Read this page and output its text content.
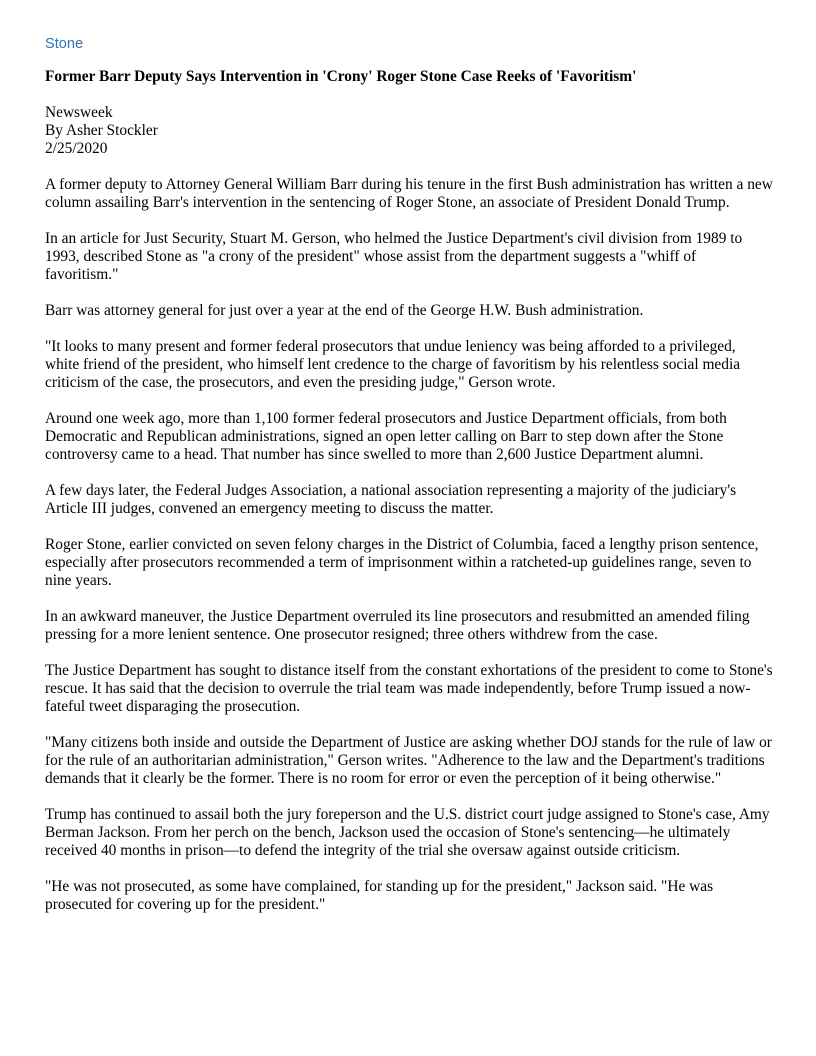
Stone
Former Barr Deputy Says Intervention in 'Crony' Roger Stone Case Reeks of 'Favoritism'
Newsweek
By Asher Stockler
2/25/2020

A former deputy to Attorney General William Barr during his tenure in the first Bush administration has written a new column assailing Barr's intervention in the sentencing of Roger Stone, an associate of President Donald Trump.

In an article for Just Security, Stuart M. Gerson, who helmed the Justice Department's civil division from 1989 to 1993, described Stone as "a crony of the president" whose assist from the department suggests a "whiff of favoritism."

Barr was attorney general for just over a year at the end of the George H.W. Bush administration.

"It looks to many present and former federal prosecutors that undue leniency was being afforded to a privileged, white friend of the president, who himself lent credence to the charge of favoritism by his relentless social media criticism of the case, the prosecutors, and even the presiding judge," Gerson wrote.

Around one week ago, more than 1,100 former federal prosecutors and Justice Department officials, from both Democratic and Republican administrations, signed an open letter calling on Barr to step down after the Stone controversy came to a head. That number has since swelled to more than 2,600 Justice Department alumni.

A few days later, the Federal Judges Association, a national association representing a majority of the judiciary's Article III judges, convened an emergency meeting to discuss the matter.

Roger Stone, earlier convicted on seven felony charges in the District of Columbia, faced a lengthy prison sentence, especially after prosecutors recommended a term of imprisonment within a ratcheted-up guidelines range, seven to nine years.

In an awkward maneuver, the Justice Department overruled its line prosecutors and resubmitted an amended filing pressing for a more lenient sentence. One prosecutor resigned; three others withdrew from the case.

The Justice Department has sought to distance itself from the constant exhortations of the president to come to Stone's rescue. It has said that the decision to overrule the trial team was made independently, before Trump issued a now-fateful tweet disparaging the prosecution.

"Many citizens both inside and outside the Department of Justice are asking whether DOJ stands for the rule of law or for the rule of an authoritarian administration," Gerson writes. "Adherence to the law and the Department's traditions demands that it clearly be the former. There is no room for error or even the perception of it being otherwise."

Trump has continued to assail both the jury foreperson and the U.S. district court judge assigned to Stone's case, Amy Berman Jackson. From her perch on the bench, Jackson used the occasion of Stone's sentencing—he ultimately received 40 months in prison—to defend the integrity of the trial she oversaw against outside criticism.

"He was not prosecuted, as some have complained, for standing up for the president," Jackson said. "He was prosecuted for covering up for the president."
